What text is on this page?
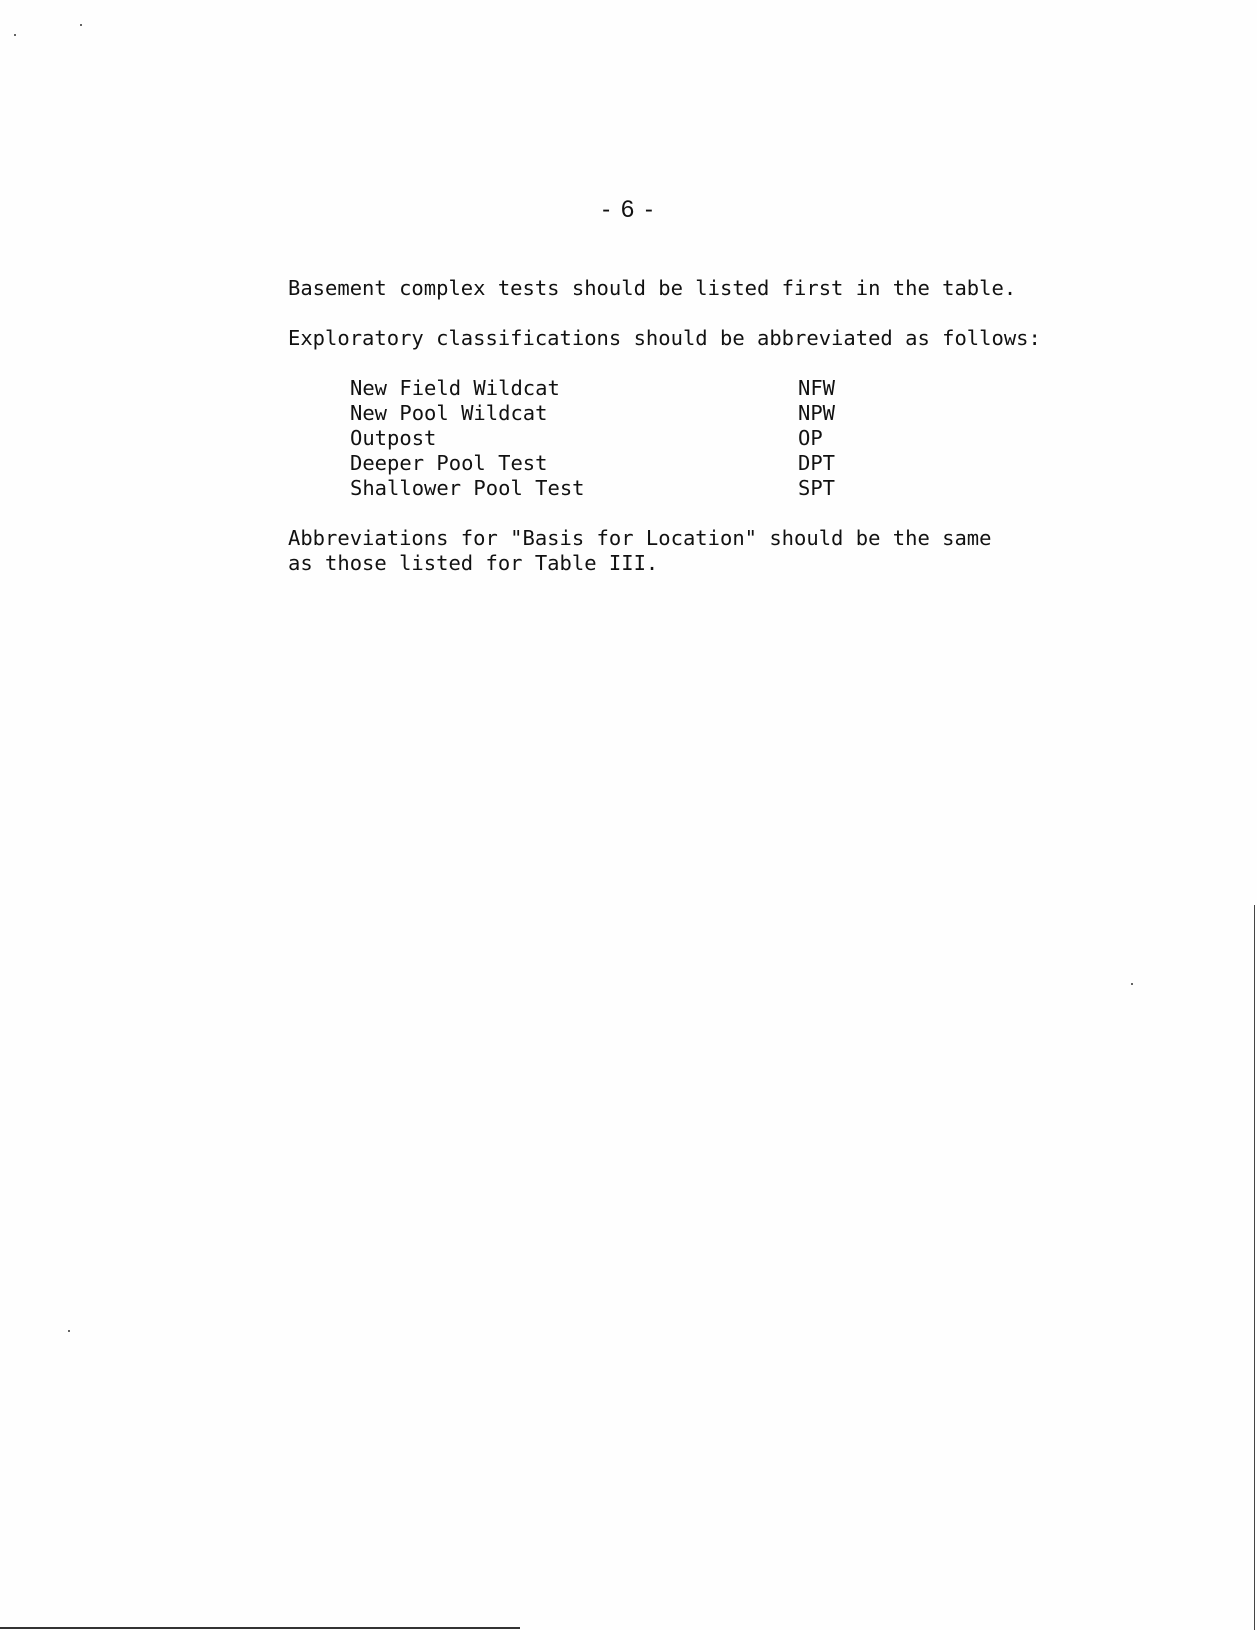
- 6 -
Basement complex tests should be listed first in the table.
Exploratory classifications should be abbreviated as follows:
New Field Wildcat	NFW
New Pool Wildcat	NPW
Outpost	OP
Deeper Pool Test	DPT
Shallower Pool Test	SPT
Abbreviations for "Basis for Location" should be the same
as those listed for Table III.
